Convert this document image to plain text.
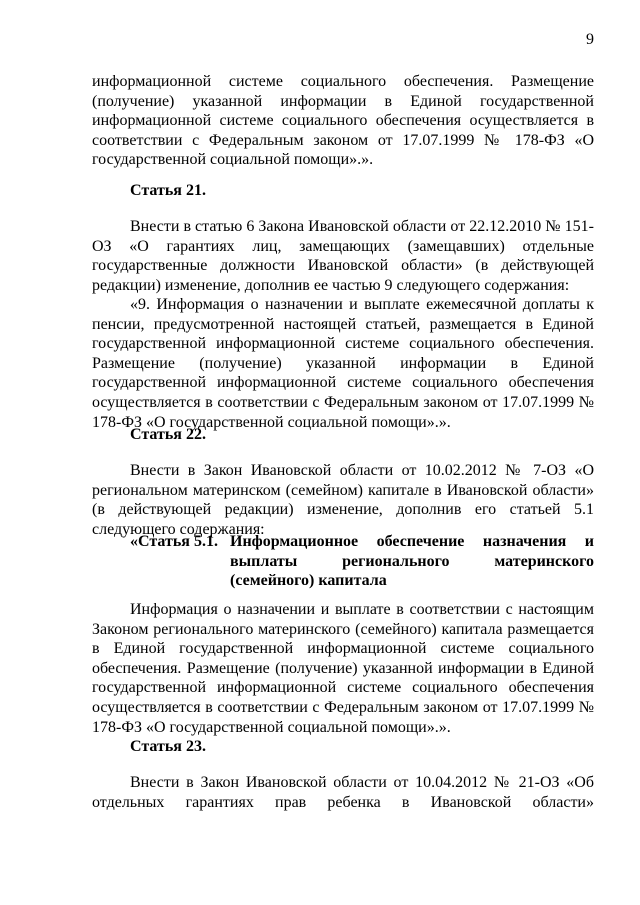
9
информационной системе социального обеспечения. Размещение (получение) указанной информации в Единой государственной информационной системе социального обеспечения осуществляется в соответствии с Федеральным законом от 17.07.1999 № 178-ФЗ «О государственной социальной помощи».».
Статья 21.
Внести в статью 6 Закона Ивановской области от 22.12.2010 № 151-ОЗ «О гарантиях лиц, замещающих (замещавших) отдельные государственные должности Ивановской области» (в действующей редакции) изменение, дополнив ее частью 9 следующего содержания:
«9. Информация о назначении и выплате ежемесячной доплаты к пенсии, предусмотренной настоящей статьей, размещается в Единой государственной информационной системе социального обеспечения. Размещение (получение) указанной информации в Единой государственной информационной системе социального обеспечения осуществляется в соответствии с Федеральным законом от 17.07.1999 № 178-ФЗ «О государственной социальной помощи».».
Статья 22.
Внести в Закон Ивановской области от 10.02.2012 № 7-ОЗ «О региональном материнском (семейном) капитале в Ивановской области» (в действующей редакции) изменение, дополнив его статьей 5.1 следующего содержания:
«Статья 5.1. Информационное обеспечение назначения и выплаты регионального материнского (семейного) капитала
Информация о назначении и выплате в соответствии с настоящим Законом регионального материнского (семейного) капитала размещается в Единой государственной информационной системе социального обеспечения. Размещение (получение) указанной информации в Единой государственной информационной системе социального обеспечения осуществляется в соответствии с Федеральным законом от 17.07.1999 № 178-ФЗ «О государственной социальной помощи».».
Статья 23.
Внести в Закон Ивановской области от 10.04.2012 № 21-ОЗ «Об отдельных гарантиях прав ребенка в Ивановской области»
